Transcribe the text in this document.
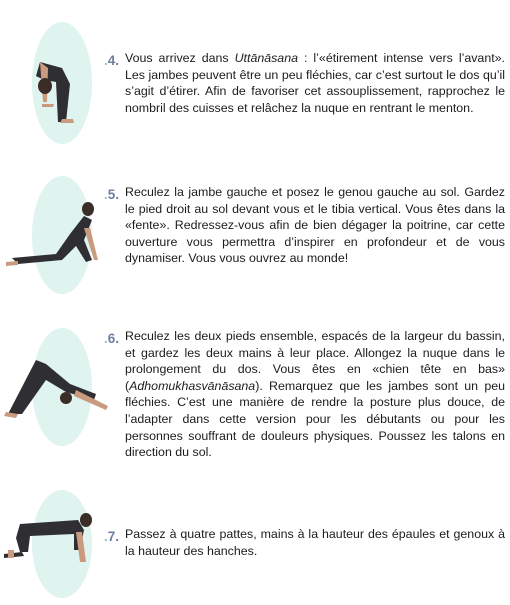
.4. Vous arrivez dans Uttānāsana : l’«étirement intense vers l’avant». Les jambes peuvent être un peu fléchies, car c’est surtout le dos qu’il s’agit d’étirer. Afin de favoriser cet assouplissement, rapprochez le nombril des cuisses et relâchez la nuque en rentrant le menton.

.5. Reculez la jambe gauche et posez le genou gauche au sol. Gardez le pied droit au sol devant vous et le tibia vertical. Vous êtes dans la «fente». Redressez-vous afin de bien dégager la poitrine, car cette ouverture vous permettra d’inspirer en profondeur et de vous dynamiser. Vous vous ouvrez au monde!

.6. Reculez les deux pieds ensemble, espacés de la largeur du bassin, et gardez les deux mains à leur place. Allongez la nuque dans le prolongement du dos. Vous êtes en «chien tête en bas» (Adhomukhasvānāsana). Remarquez que les jambes sont un peu fléchies. C’est une manière de rendre la posture plus douce, de l’adapter dans cette version pour les débutants ou pour les personnes souffrant de douleurs physiques. Poussez les talons en direction du sol.

.7. Passez à quatre pattes, mains à la hauteur des épaules et genoux à la hauteur des hanches.
